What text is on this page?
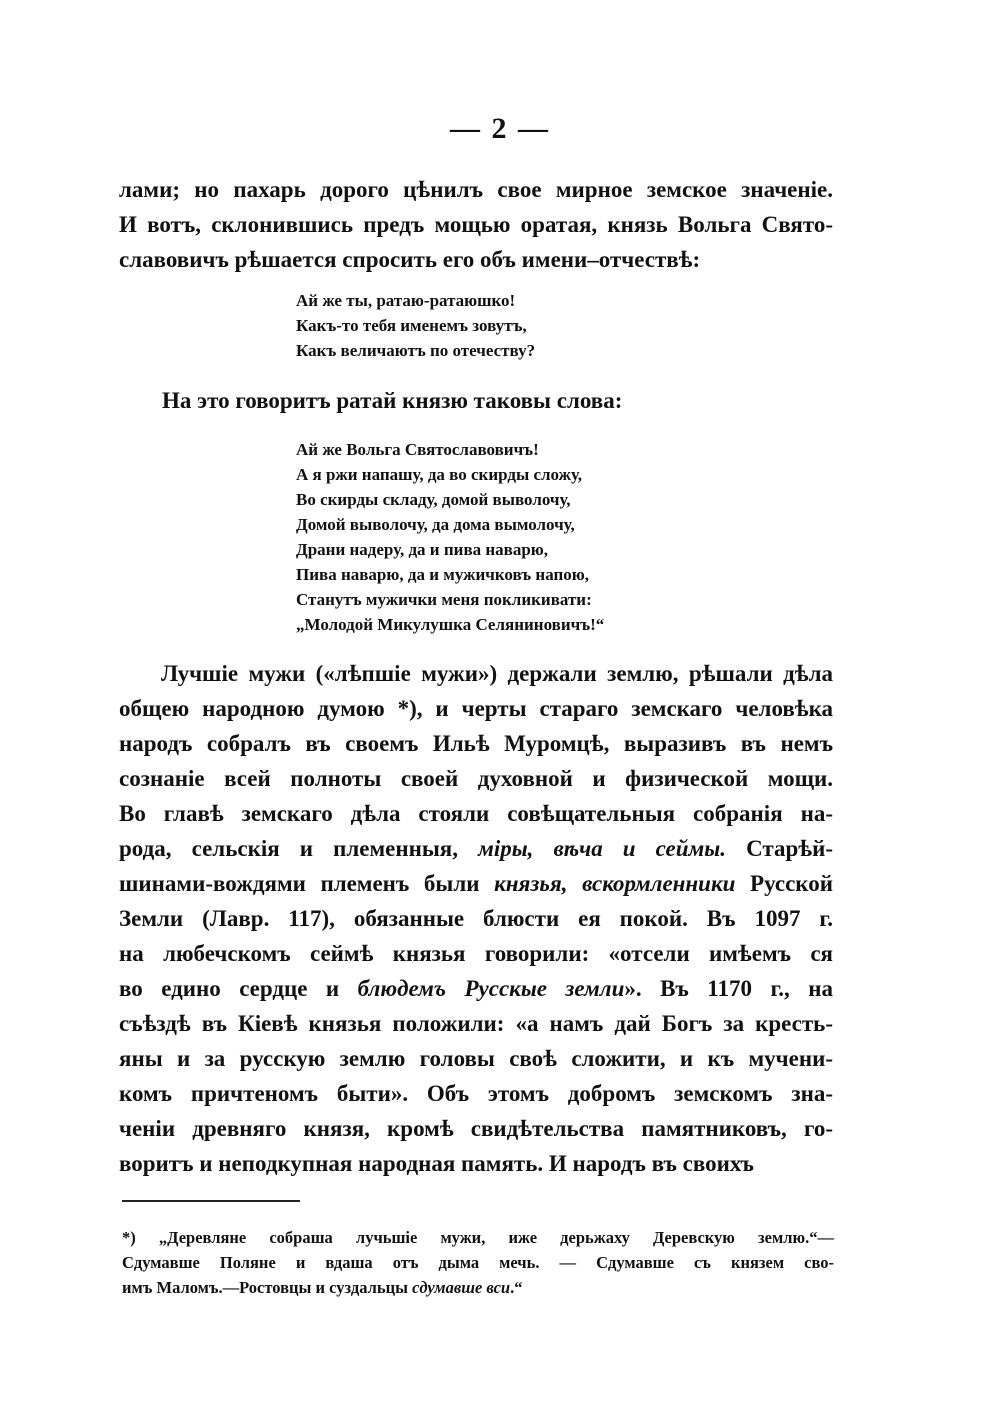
— 2 —
лами; но пахарь дорого цѣнилъ свое мирное земское значеніе.
И вотъ, склонившись предъ мощью оратая, князь Вольга Свято-
славовичъ рѣшается спросить его объ имени–отчествѣ:
Ай же ты, ратаю-ратаюшко!
Какъ-то тебя именемъ зовутъ,
Какъ величаютъ по отечеству?
На это говоритъ ратай князю таковы слова:
Ай же Вольга Святославовичъ!
А я ржи напашу, да во скирды сложу,
Во скирды складу, домой выволочу,
Домой выволочу, да дома вымолочу,
Драни надеру, да и пива наварю,
Пива наварю, да и мужичковъ напою,
Станутъ мужички меня покликивати:
„Молодой Микулушка Селяниновичъ!“
Лучшіе мужи («лѣпшіе мужи») держали землю, рѣшали дѣла
общею народною думою *), и черты стараго земскаго человѣка
народъ собралъ въ своемъ Ильѣ Муромцѣ, выразивъ въ немъ
сознаніе всей полноты своей духовной и физической мощи.
Во главѣ земскаго дѣла стояли совѣщательныя собранія на-
рода, сельскія и племенныя, міры, вѣча и сеймы. Старѣй-
шинами-вождями племенъ были князья, вскормленники Русской
Земли (Лавр. 117), обязанные блюсти ея покой. Въ 1097 г.
на любечскомъ сеймѣ князья говорили: «отсели имѣемъ ся
во едино сердце и блюдемъ Русскые земли». Въ 1170 г., на
съѣздѣ въ Кіевѣ князья положили: «а намъ дай Богъ за кресть-
яны и за русскую землю головы своѣ сложити, и къ мучени-
комъ причтеномъ быти». Объ этомъ добромъ земскомъ зна-
ченіи древняго князя, кромѣ свидѣтельства памятниковъ, го-
воритъ и неподкупная народная память. И народъ въ своихъ
*) „Деревляне собраша лучьшіе мужи, иже дерьжаху Деревскую землю.“—
Сдумавше Поляне и вдаша отъ дыма мечь. — Сдумавше съ князем сво-
имъ Маломъ.—Ростовцы и суздальцы сдумавше вси.“
